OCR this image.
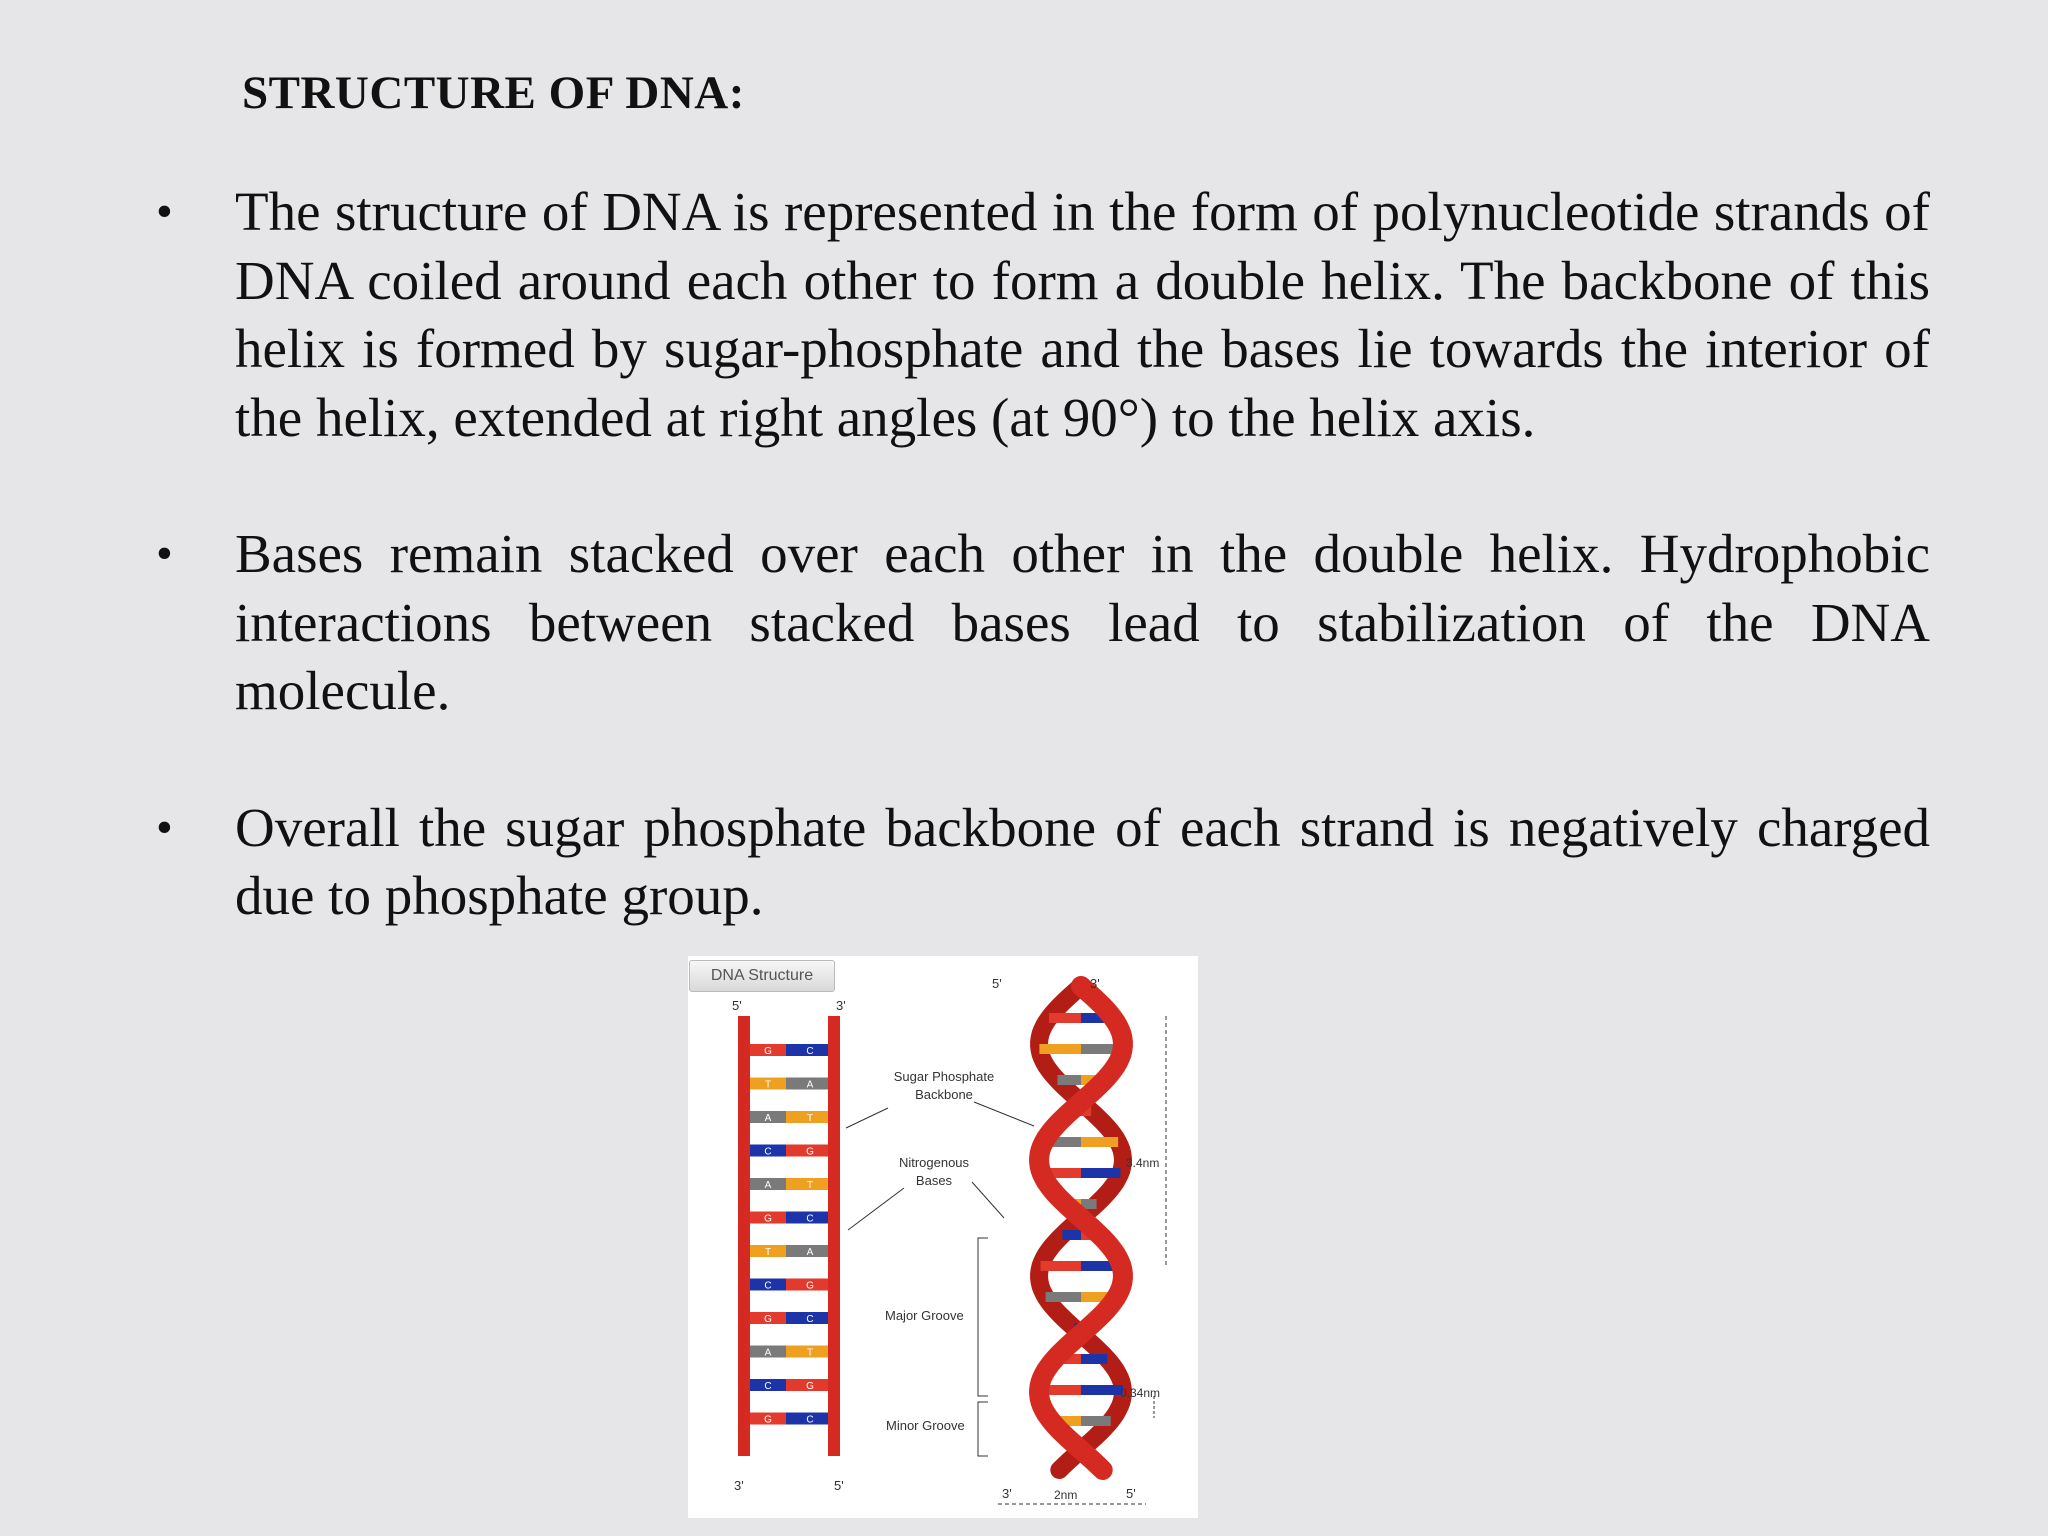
STRUCTURE OF DNA:
• The structure of DNA is represented in the form of polynucleotide strands of DNA coiled around each other to form a double helix. The backbone of this helix is formed by sugar-phosphate and the bases lie towards the interior of the helix, extended at right angles (at 90°) to the helix axis.
• Bases remain stacked over each other in the double helix. Hydrophobic interactions between stacked bases lead to stabilization of the DNA molecule.
• Overall the sugar phosphate backbone of each strand is negatively charged due to phosphate group.
G	C
T	A
A	T
C	G
A	T
G	C
T	A
C	G
G	C
A	T
C	G
G	C
DNA Structure
5'	3'
3'	5'
5'	3'
3'	5'
Sugar Phosphate
Backbone
Nitrogenous
Bases
Major Groove
Minor Groove
3.4nm
0.34nm
2nm
